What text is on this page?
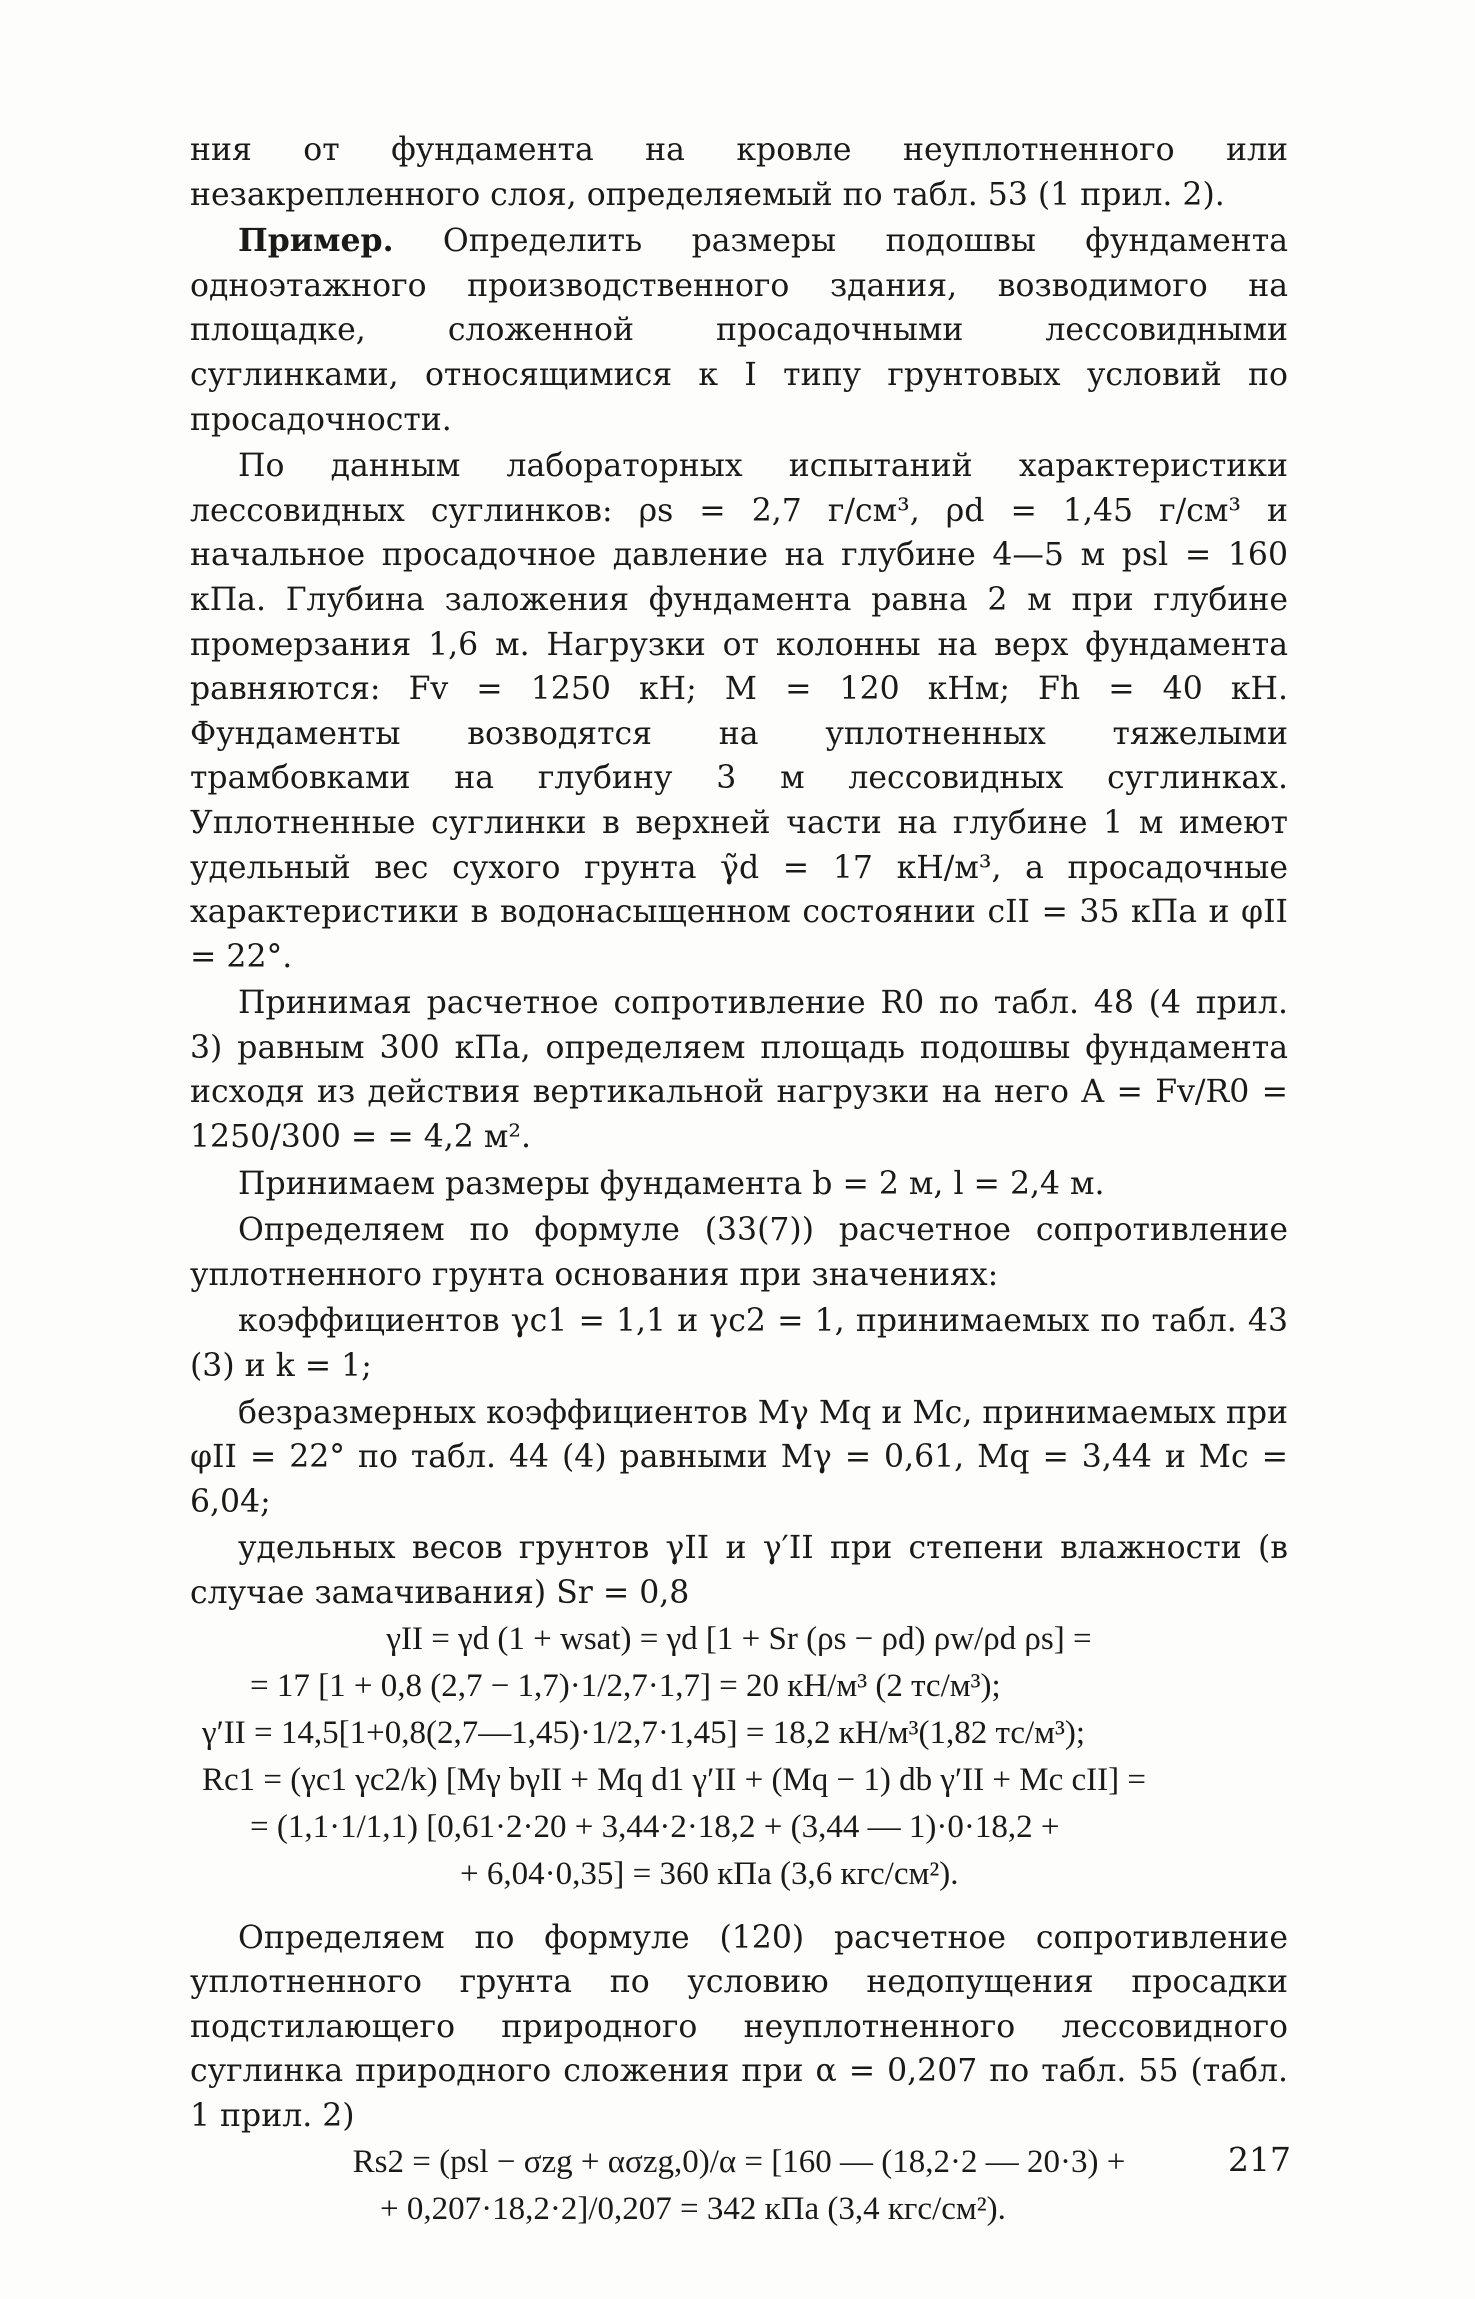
ния от фундамента на кровле неуплотненного или незакрепленного слоя, определяемый по табл. 53 (1 прил. 2).

Пример. Определить размеры подошвы фундамента одноэтажного производственного здания, возводимого на площадке, сложенной просадочными лессовидными суглинками, относящимися к I типу грунтовых условий по просадочности.

По данным лабораторных испытаний характеристики лессовидных суглинков: ρs = 2,7 г/см³, ρd = 1,45 г/см³ и начальное просадочное давление на глубине 4—5 м psl = 160 кПа. Глубина заложения фундамента равна 2 м при глубине промерзания 1,6 м. Нагрузки от колонны на верх фундамента равняются: Fv = 1250 кН; M = 120 кНм; Fh = 40 кН. Фундаменты возводятся на уплотненных тяжелыми трамбовками на глубину 3 м лессовидных суглинках. Уплотненные суглинки в верхней части на глубине 1 м имеют удельный вес сухого грунта γ̃d = 17 кН/м³, а просадочные характеристики в водонасыщенном состоянии cII = 35 кПа и φII = 22°.

Принимая расчетное сопротивление R0 по табл. 48 (4 прил. 3) равным 300 кПа, определяем площадь подошвы фундамента исходя из действия вертикальной нагрузки на него A = Fv/R0 = 1250/300 = = 4,2 м².

Принимаем размеры фундамента b = 2 м, l = 2,4 м.

Определяем по формуле (33(7)) расчетное сопротивление уплотненного грунта основания при значениях:

коэффициентов γc1 = 1,1 и γc2 = 1, принимаемых по табл. 43 (3) и k = 1;

безразмерных коэффициентов Mγ Mq и Mc, принимаемых при φII = 22° по табл. 44 (4) равными Mγ = 0,61, Mq = 3,44 и Mc = 6,04;

удельных весов грунтов γII и γ′II при степени влажности (в случае замачивания) Sr = 0,8

γII = γd (1 + wsat) = γd [1 + Sr (ρs − ρd) ρw/ρd ρs] =

= 17 [1 + 0,8 (2,7 − 1,7)·1/2,7·1,7] = 20 кН/м³ (2 тс/м³);

γ′II = 14,5[1+0,8(2,7—1,45)·1/2,7·1,45] = 18,2 кН/м³(1,82 тс/м³);

Rс1 = (γc1 γc2/k) [Mγ bγII + Mq d1 γ′II + (Mq − 1) db γ′II + Mc cII] =

= (1,1·1/1,1) [0,61·2·20 + 3,44·2·18,2 + (3,44 — 1)·0·18,2 +

+ 6,04·0,35] = 360 кПа (3,6 кгс/см²).

Определяем по формуле (120) расчетное сопротивление уплотненного грунта по условию недопущения просадки подстилающего природного неуплотненного лессовидного суглинка природного сложения при α = 0,207 по табл. 55 (табл. 1 прил. 2)

Rs2 = (psl − σzg + ασzg,0)/α = [160 — (18,2·2 — 20·3) +

+ 0,207·18,2·2]/0,207 = 342 кПа (3,4 кгс/см²).

217
